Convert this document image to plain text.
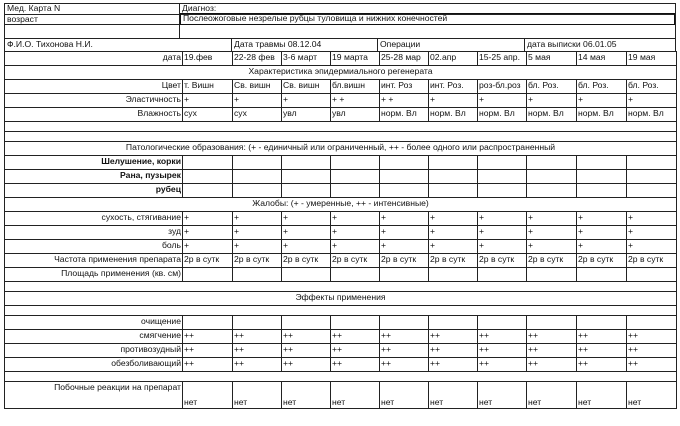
Мед. Карта N	Диагноз:
возраст	Послеожоговые незрелые рубцы туловища и нижних конечностей
Ф.И.О. Тихонова Н.И.	Дата травмы 08.12.04	Операции	дата выписки 06.01.05
дата	19.фев	22-28 фев	3-6 март	19 марта	25-28 мар	02.апр	15-25 апр.	5 мая	14 мая	19 мая
Характеристика эпидермиального регенерата										
Цвет	т. Вишн	Св. вишн	Св. вишн	бл.вишн	инт. Роз	инт. Роз.	роз-бл.роз	бл. Роз.	бл. Роз.	бл. Роз.
Эластичность	+	+	+	+ +	+ +	+	+	+	+	+
Влажность	сух	сух	увл	увл	норм. Вл	норм. Вл	норм. Вл	норм. Вл	норм. Вл	норм. Вл

Патологические образования: (+ - единичный или ограниченный, ++ - более одного или распространенный										
Шелушение, корки										
Рана, пузырек										
рубец										
Жалобы: (+ - умеренные, ++ - интенсивные)										
сухость, стягивание	+	+	+	+	+	+	+	+	+	+
зуд	+	+	+	+	+	+	+	+	+	+
боль	+	+	+	+	+	+	+	+	+	+
Частота применения препарата	2р в сутк	2р в сутк	2р в сутк	2р в сутк	2р в сутк	2р в сутк	2р в сутк	2р в сутк	2р в сутк	2р в сутк
Площадь применения (кв. см)										

Эффекты применения										

очищение										
смягчение	++	++	++	++	++	++	++	++	++	++
противозудный	++	++	++	++	++	++	++	++	++	++
обезболивающий	++	++	++	++	++	++	++	++	++	++

Побочные реакции на препарат	нет	нет	нет	нет	нет	нет	нет	нет	нет	нет
